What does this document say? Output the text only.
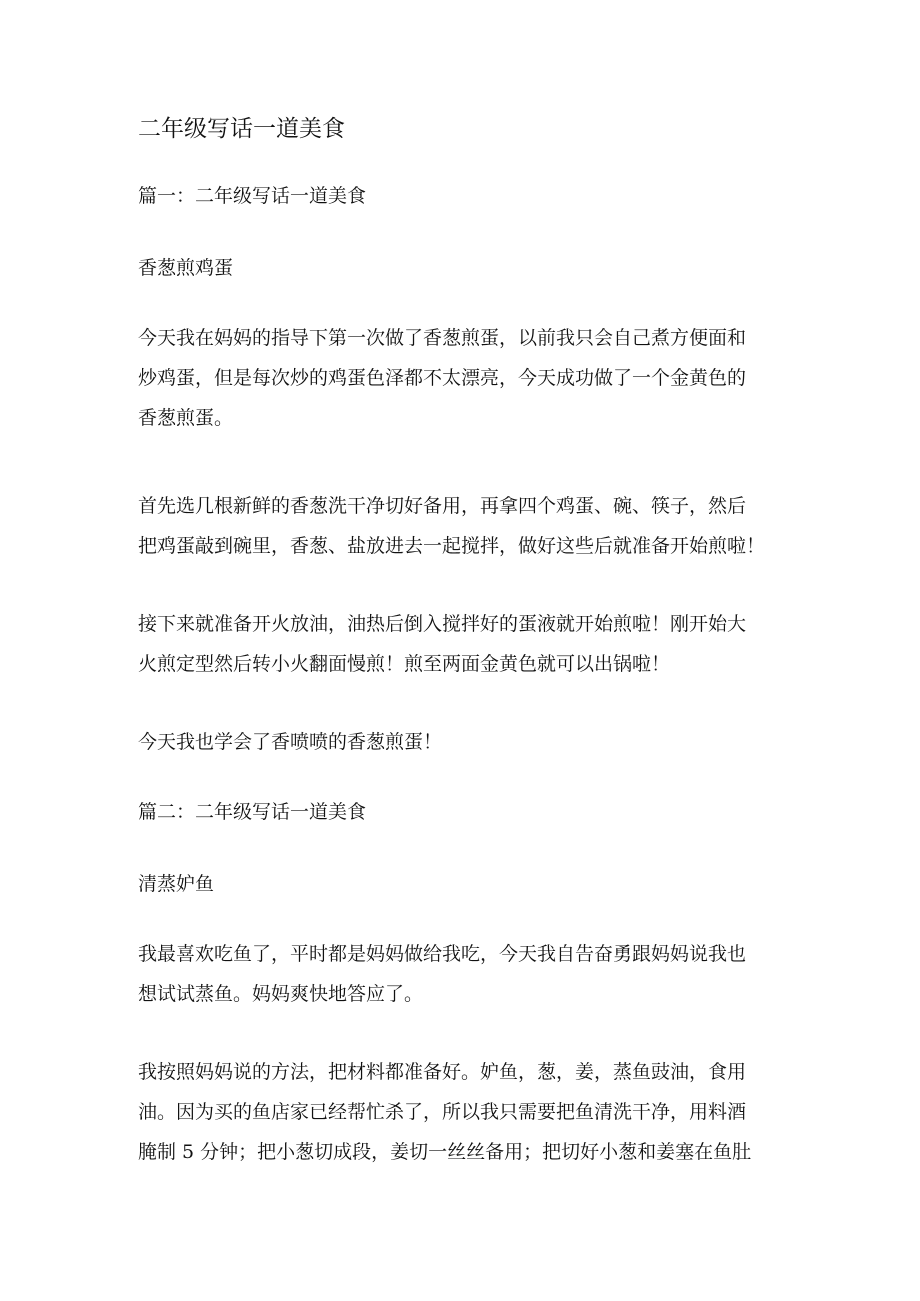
二年级写话一道美食
篇一：二年级写话一道美食
香葱煎鸡蛋
今天我在妈妈的指导下第一次做了香葱煎蛋，以前我只会自己煮方便面和
炒鸡蛋，但是每次炒的鸡蛋色泽都不太漂亮，今天成功做了一个金黄色的
香葱煎蛋。
首先选几根新鲜的香葱洗干净切好备用，再拿四个鸡蛋、碗、筷子，然后
把鸡蛋敲到碗里，香葱、盐放进去一起搅拌，做好这些后就准备开始煎啦！
接下来就准备开火放油，油热后倒入搅拌好的蛋液就开始煎啦！刚开始大
火煎定型然后转小火翻面慢煎！煎至两面金黄色就可以出锅啦！
今天我也学会了香喷喷的香葱煎蛋！
篇二：二年级写话一道美食
清蒸妒鱼
我最喜欢吃鱼了，平时都是妈妈做给我吃，今天我自告奋勇跟妈妈说我也
想试试蒸鱼。妈妈爽快地答应了。
我按照妈妈说的方法，把材料都准备好。妒鱼，葱，姜，蒸鱼豉油，食用
油。因为买的鱼店家已经帮忙杀了，所以我只需要把鱼清洗干净，用料酒
腌制 5 分钟；把小葱切成段，姜切一丝丝备用；把切好小葱和姜塞在鱼肚
